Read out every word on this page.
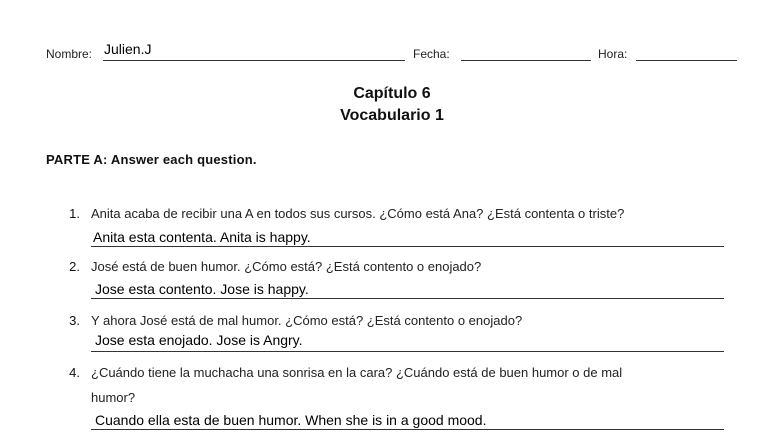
Nombre: Julien.J	Fecha:	Hora:
Capítulo 6
Vocabulario 1
PARTE A: Answer each question.
1. Anita acaba de recibir una A en todos sus cursos. ¿Cómo está Ana? ¿Está contenta o triste?
Anita esta contenta. Anita is happy.
2. José está de buen humor. ¿Cómo está? ¿Está contento o enojado?
Jose esta contento. Jose is happy.
3. Y ahora José está de mal humor. ¿Cómo está? ¿Está contento o enojado?
Jose esta enojado. Jose is Angry.
4. ¿Cuándo tiene la muchacha una sonrisa en la cara? ¿Cuándo está de buen humor o de mal
humor?
Cuando ella esta de buen humor. When she is in a good mood.
